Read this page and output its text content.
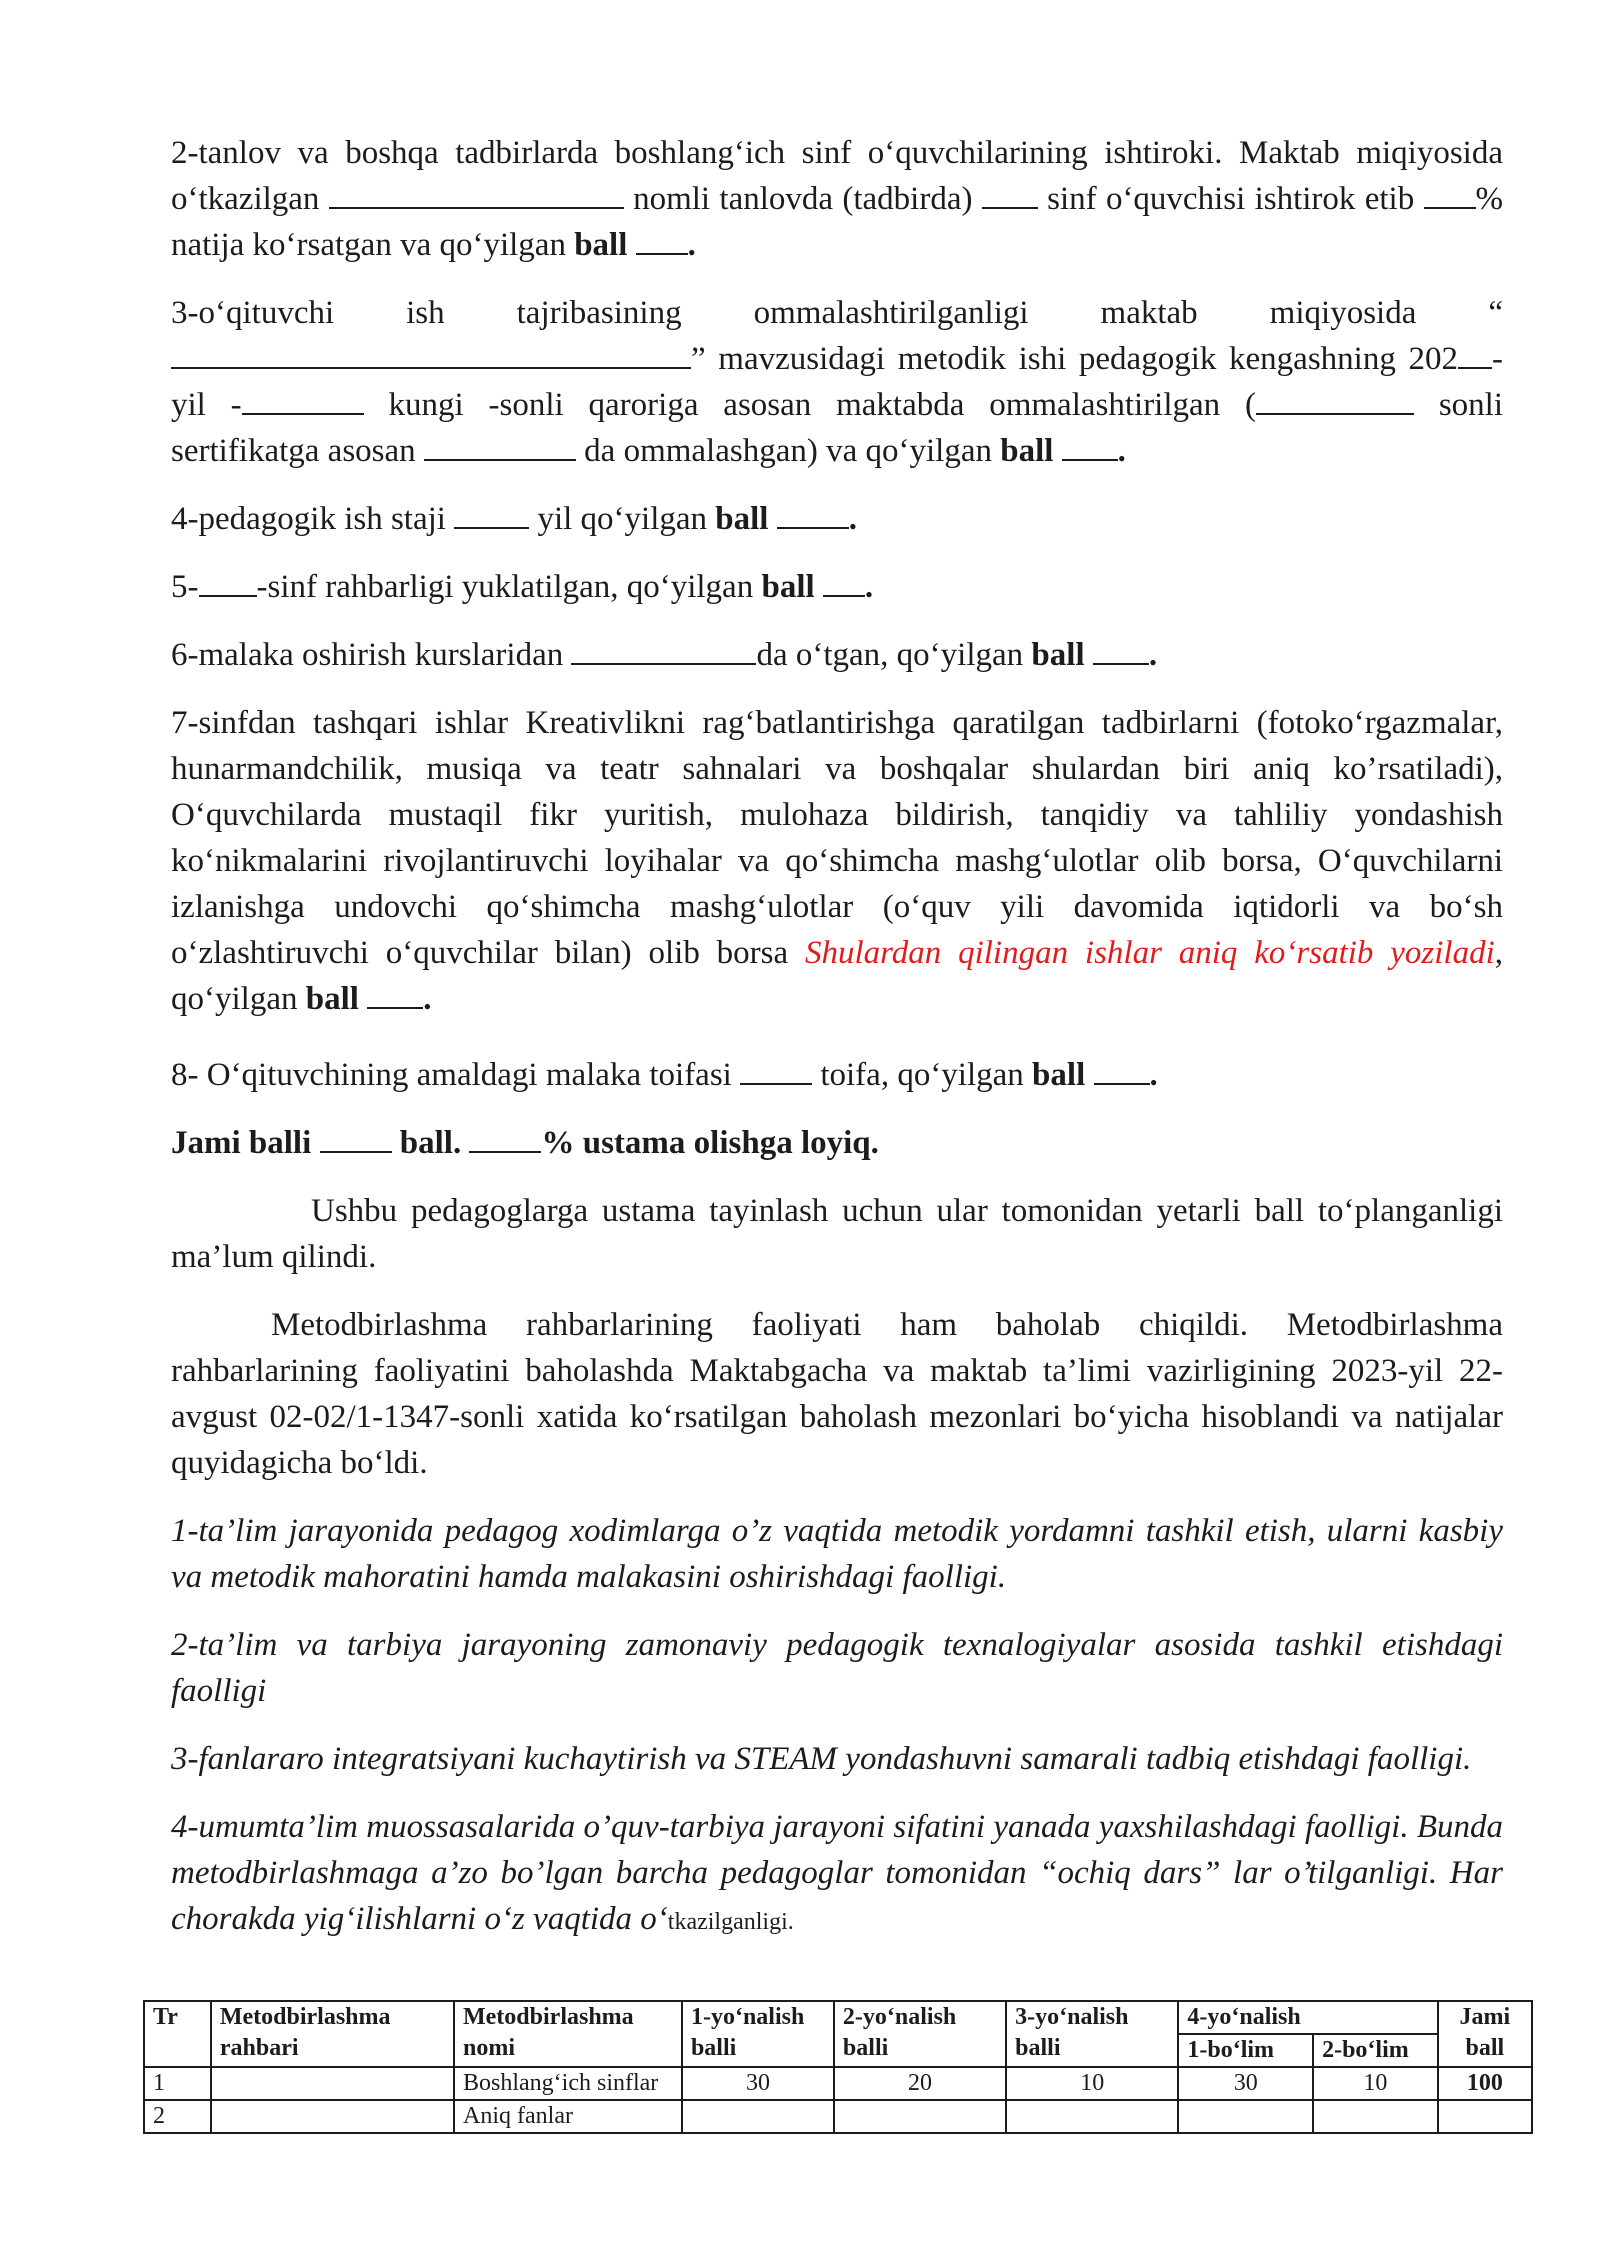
2-tanlov va boshqa tadbirlarda boshlang‘ich sinf o‘quvchilarining ishtiroki. Maktab miqiyosida o‘tkazilgan	nomli tanlovda (tadbirda) sinf o‘quvchisi ishtirok etib % natija ko‘rsatgan va qo‘yilgan ball .

3-o‘qituvchi ish tajribasining ommalashtirilganligi maktab miqiyosida “” mavzusidagi metodik ishi pedagogik kengashning 202 -yil -	kungi -sonli qaroriga asosan maktabda ommalashtirilgan (	sonli sertifikatga asosan	da ommalashgan) va qo‘yilgan ball .

4-pedagogik ish staji	yil qo‘yilgan ball .

5- -sinf rahbarligi yuklatilgan, qo‘yilgan ball .

6-malaka oshirish kurslaridan	da o‘tgan, qo‘yilgan ball .

7-sinfdan tashqari ishlar Kreativlikni rag‘batlantirishga qaratilgan tadbirlarni (fotoko‘rgazmalar, hunarmandchilik, musiqa va teatr sahnalari va boshqalar shulardan biri aniq ko’rsatiladi), O‘quvchilarda mustaqil fikr yuritish, mulohaza bildirish, tanqidiy va tahliliy yondashish ko‘nikmalarini rivojlantiruvchi loyihalar va qo‘shimcha mashg‘ulotlar olib borsa, O‘quvchilarni izlanishga undovchi qo‘shimcha mashg‘ulotlar (o‘quv yili davomida iqtidorli va bo‘sh o‘zlashtiruvchi o‘quvchilar bilan) olib borsa Shulardan qilingan ishlar aniq ko‘rsatib yoziladi, qo‘yilgan ball .

8- O‘qituvchining amaldagi malaka toifasi	toifa, qo‘yilgan ball .

Jami balli	ball. % ustama olishga loyiq.

Ushbu pedagoglarga ustama tayinlash uchun ular tomonidan yetarli ball to‘planganligi ma’lum qilindi.

Metodbirlashma rahbarlarining faoliyati ham baholab chiqildi. Metodbirlashma rahbarlarining faoliyatini baholashda Maktabgacha va maktab ta’limi vazirligining 2023-yil 22-avgust 02-02/1-1347-sonli xatida ko‘rsatilgan baholash mezonlari bo‘yicha hisoblandi va natijalar quyidagicha bo‘ldi.

1-ta’lim jarayonida pedagog xodimlarga o’z vaqtida metodik yordamni tashkil etish, ularni kasbiy va metodik mahoratini hamda malakasini oshirishdagi faolligi.

2-ta’lim va tarbiya jarayoning zamonaviy pedagogik texnalogiyalar asosida tashkil etishdagi faolligi

3-fanlararo integratsiyani kuchaytirish va STEAM yondashuvni samarali tadbiq etishdagi faolligi.

4-umumta’lim muossasalarida o’quv-tarbiya jarayoni sifatini yanada yaxshilashdagi faolligi. Bunda metodbirlashmaga a’zo bo’lgan barcha pedagoglar tomonidan “ochiq dars” lar o’tilganligi. Har chorakda yig‘ilishlarni o‘z vaqtida o‘tkazilganligi.

Tr	Metodbirlashma rahbari	Metodbirlashma nomi	1-yo‘nalish balli	2-yo‘nalish balli	3-yo‘nalish balli	4-yo‘nalish		Jami ball
						1-bo‘lim	2-bo‘lim	
1		Boshlang‘ich sinflar	30	20	10	30	10	100
2		Aniq fanlar						
